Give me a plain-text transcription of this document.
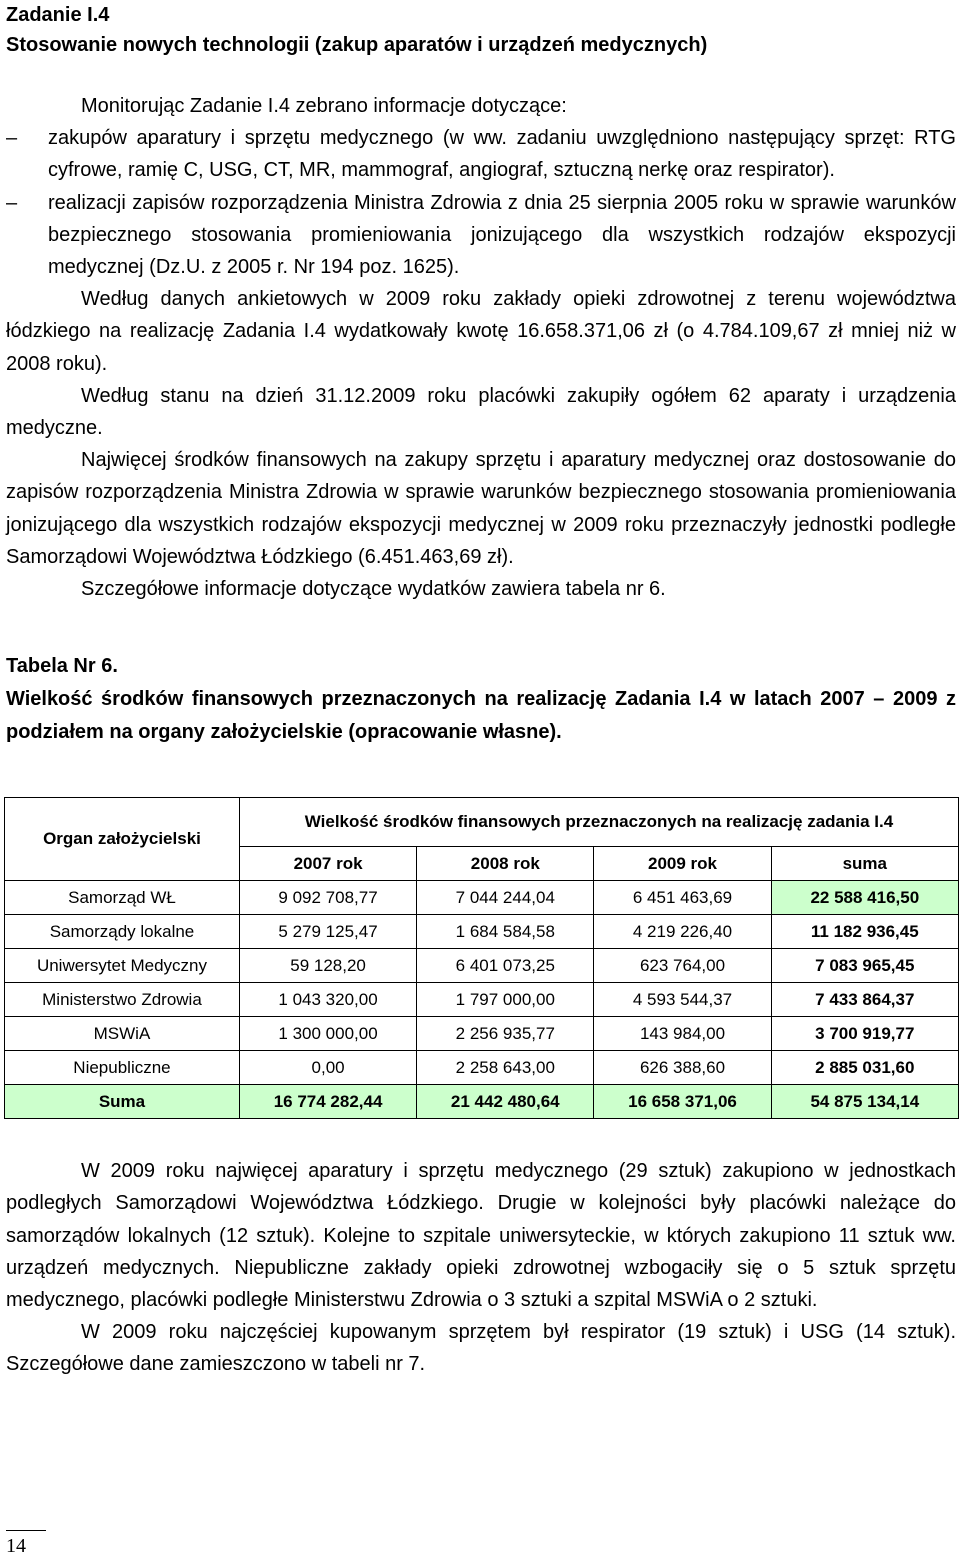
Zadanie I.4

Stosowanie nowych technologii (zakup aparatów i urządzeń medycznych)

Monitorując Zadanie I.4 zebrano informacje dotyczące:

– zakupów aparatury i sprzętu medycznego (w ww. zadaniu uwzględniono następujący sprzęt: RTG cyfrowe, ramię C, USG, CT, MR, mammograf, angiograf, sztuczną nerkę oraz respirator).
– realizacji zapisów rozporządzenia Ministra Zdrowia z dnia 25 sierpnia 2005 roku w sprawie warunków bezpiecznego stosowania promieniowania jonizującego dla wszystkich rodzajów ekspozycji medycznej (Dz.U. z 2005 r. Nr 194 poz. 1625).

Według danych ankietowych w 2009 roku zakłady opieki zdrowotnej z terenu województwa łódzkiego na realizację Zadania I.4 wydatkowały kwotę 16.658.371,06 zł (o 4.784.109,67 zł mniej niż w 2008 roku).

Według stanu na dzień 31.12.2009 roku placówki zakupiły ogółem 62 aparaty i urządzenia medyczne.

Najwięcej środków finansowych na zakupy sprzętu i aparatury medycznej oraz dostosowanie do zapisów rozporządzenia Ministra Zdrowia w sprawie warunków bezpiecznego stosowania promieniowania jonizującego dla wszystkich rodzajów ekspozycji medycznej w 2009 roku przeznaczyły jednostki podległe Samorządowi Województwa Łódzkiego (6.451.463,69 zł).

Szczegółowe informacje dotyczące wydatków zawiera tabela nr 6.

Tabela Nr 6.

Wielkość środków finansowych przeznaczonych na realizację Zadania I.4 w latach 2007 – 2009 z podziałem na organy założycielskie (opracowanie własne).

Organ założycielski	Wielkość środków finansowych przeznaczonych na realizację zadania I.4			
	2007 rok	2008 rok	2009 rok	suma
Samorząd WŁ	9 092 708,77	7 044 244,04	6 451 463,69	22 588 416,50
Samorządy lokalne	5 279 125,47	1 684 584,58	4 219 226,40	11 182 936,45
Uniwersytet Medyczny	59 128,20	6 401 073,25	623 764,00	7 083 965,45
Ministerstwo Zdrowia	1 043 320,00	1 797 000,00	4 593 544,37	7 433 864,37
MSWiA	1 300 000,00	2 256 935,77	143 984,00	3 700 919,77
Niepubliczne	0,00	2 258 643,00	626 388,60	2 885 031,60
Suma	16 774 282,44	21 442 480,64	16 658 371,06	54 875 134,14

W 2009 roku najwięcej aparatury i sprzętu medycznego (29 sztuk) zakupiono w jednostkach podległych Samorządowi Województwa Łódzkiego. Drugie w kolejności były placówki należące do samorządów lokalnych (12 sztuk). Kolejne to szpitale uniwersyteckie, w których zakupiono 11 sztuk ww. urządzeń medycznych. Niepubliczne zakłady opieki zdrowotnej wzbogaciły się o 5 sztuk sprzętu medycznego, placówki podległe Ministerstwu Zdrowia o 3 sztuki a szpital MSWiA o 2 sztuki.

W 2009 roku najczęściej kupowanym sprzętem był respirator (19 sztuk) i USG (14 sztuk). Szczegółowe dane zamieszczono w tabeli nr 7.

14
